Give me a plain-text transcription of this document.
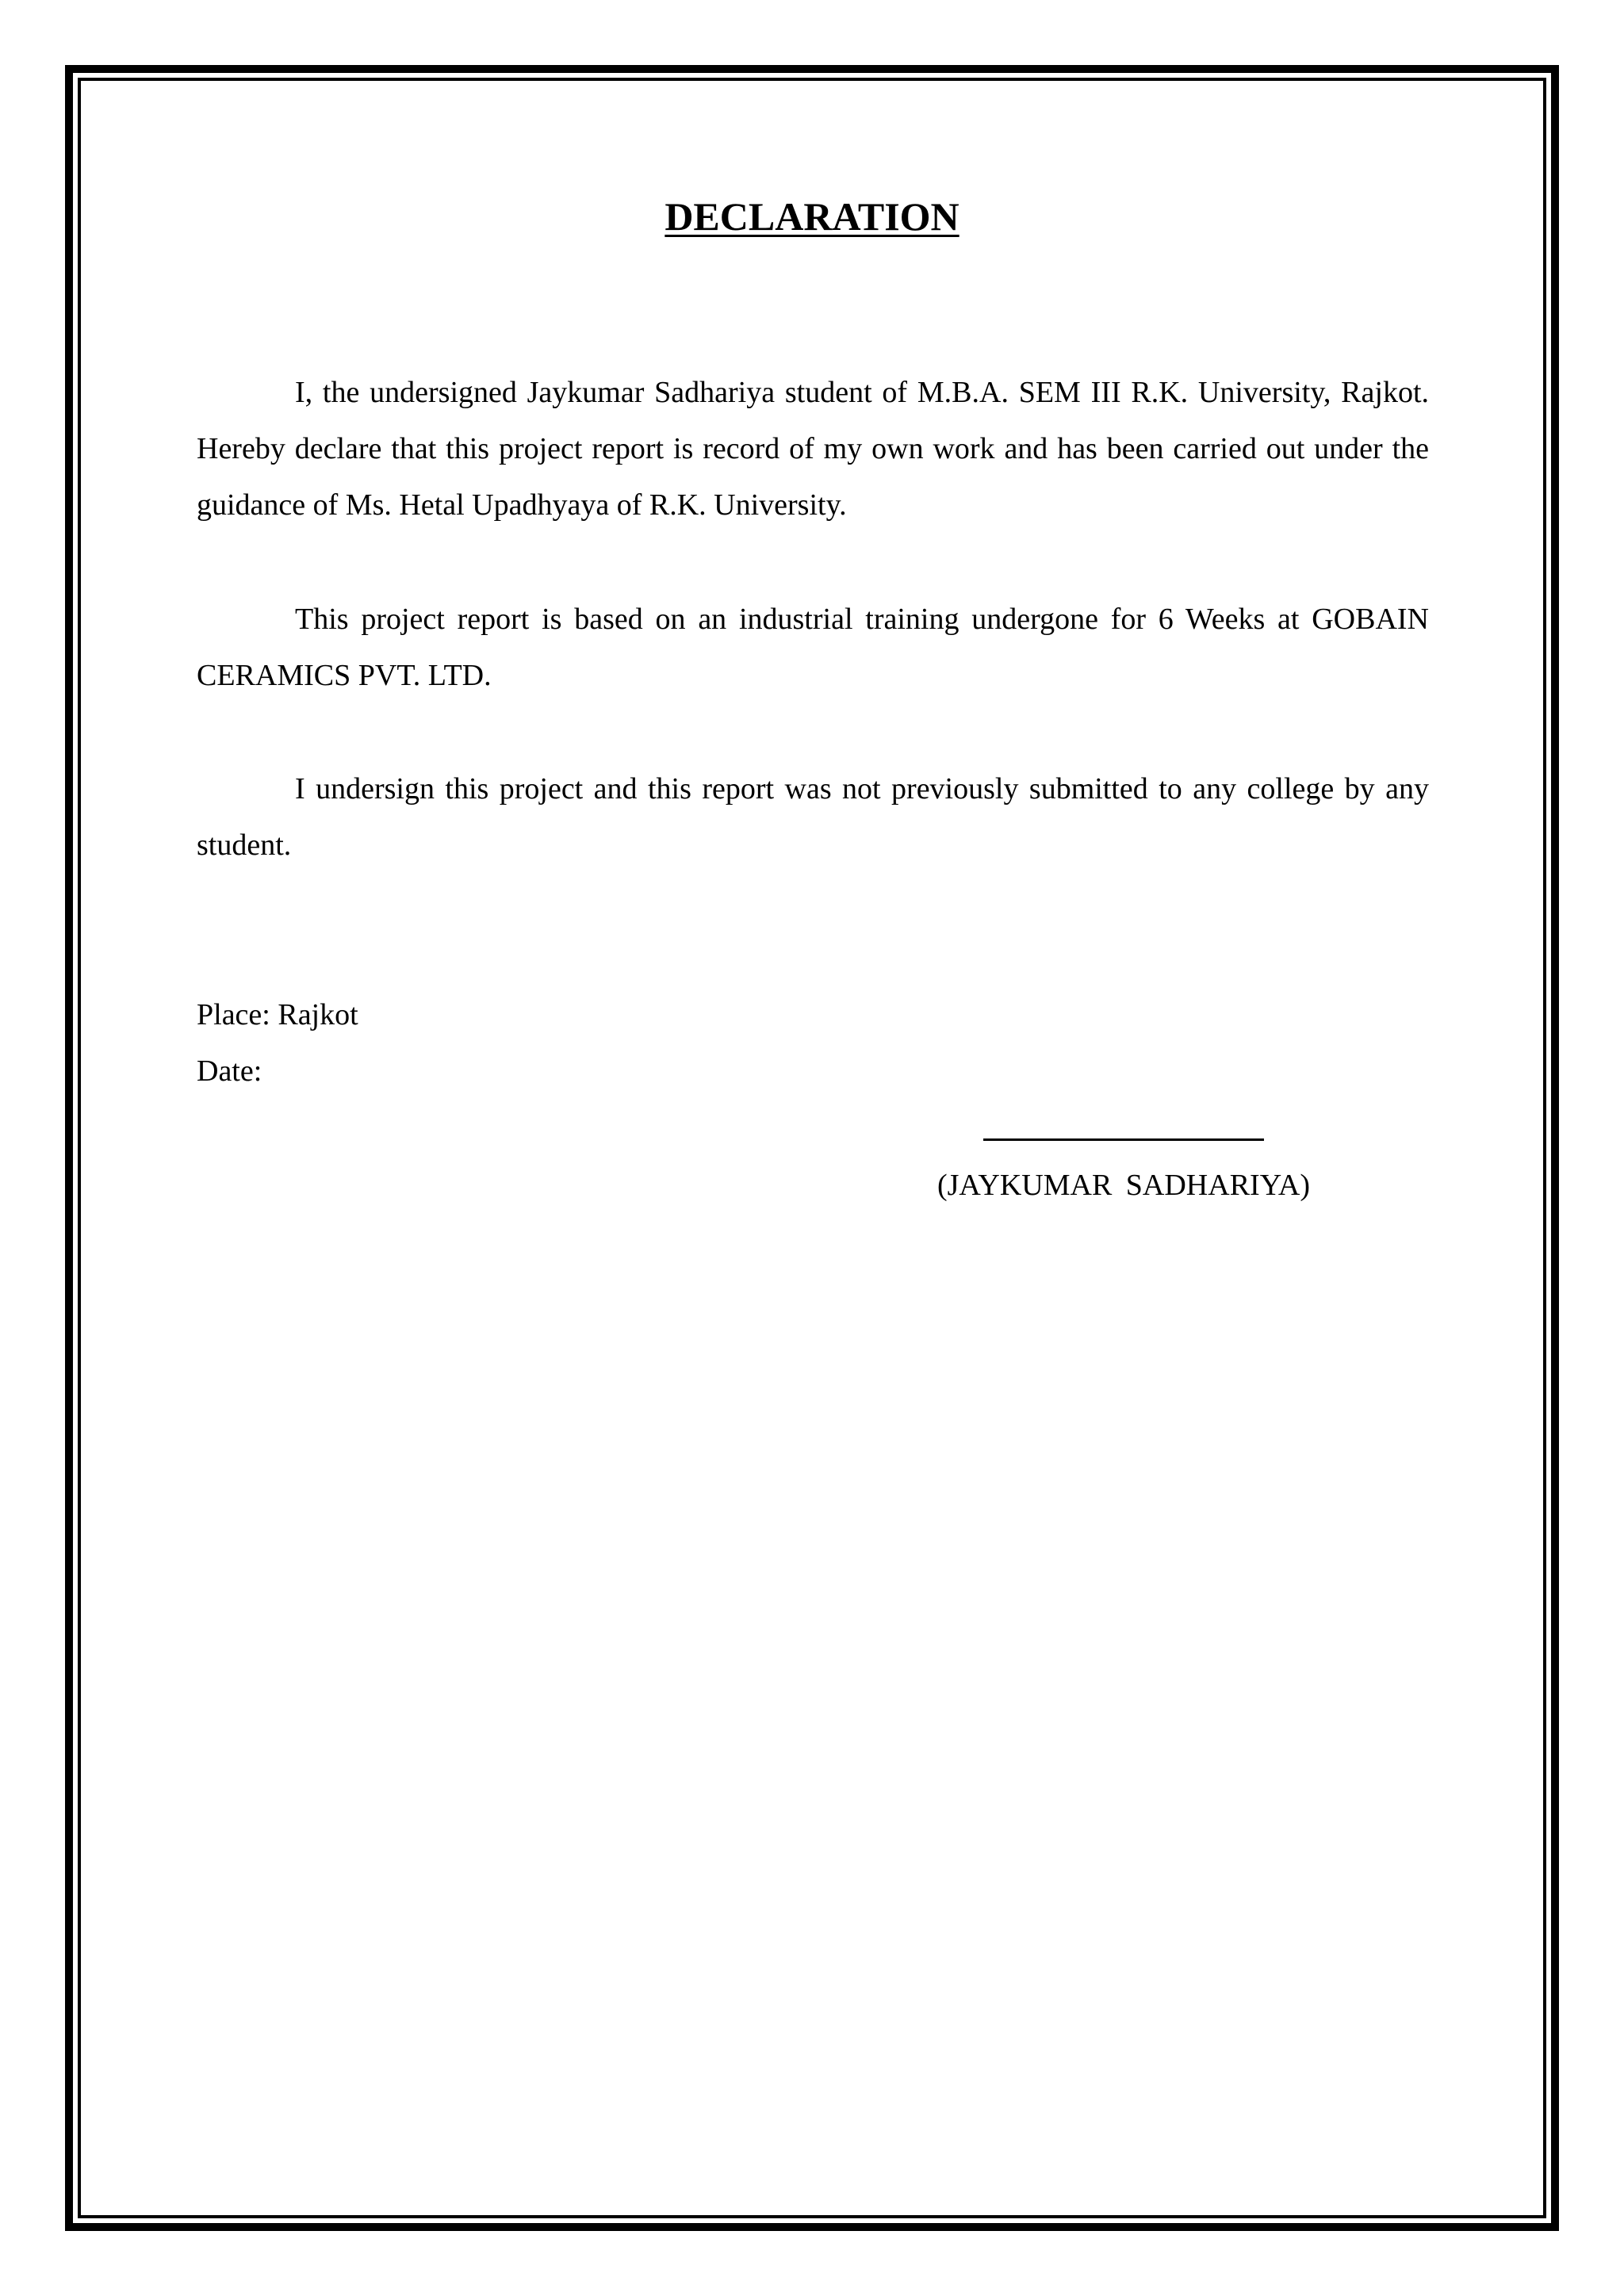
DECLARATION

I, the undersigned Jaykumar Sadhariya student of M.B.A. SEM III R.K. University, Rajkot. Hereby declare that this project report is record of my own work and has been carried out under the guidance of Ms. Hetal Upadhyaya of R.K. University.

This project report is based on an industrial training undergone for 6 Weeks at GOBAIN CERAMICS PVT. LTD.

I undersign this project and this report was not previously submitted to any college by any student.

Place: Rajkot

Date:

(JAYKUMAR SADHARIYA)
